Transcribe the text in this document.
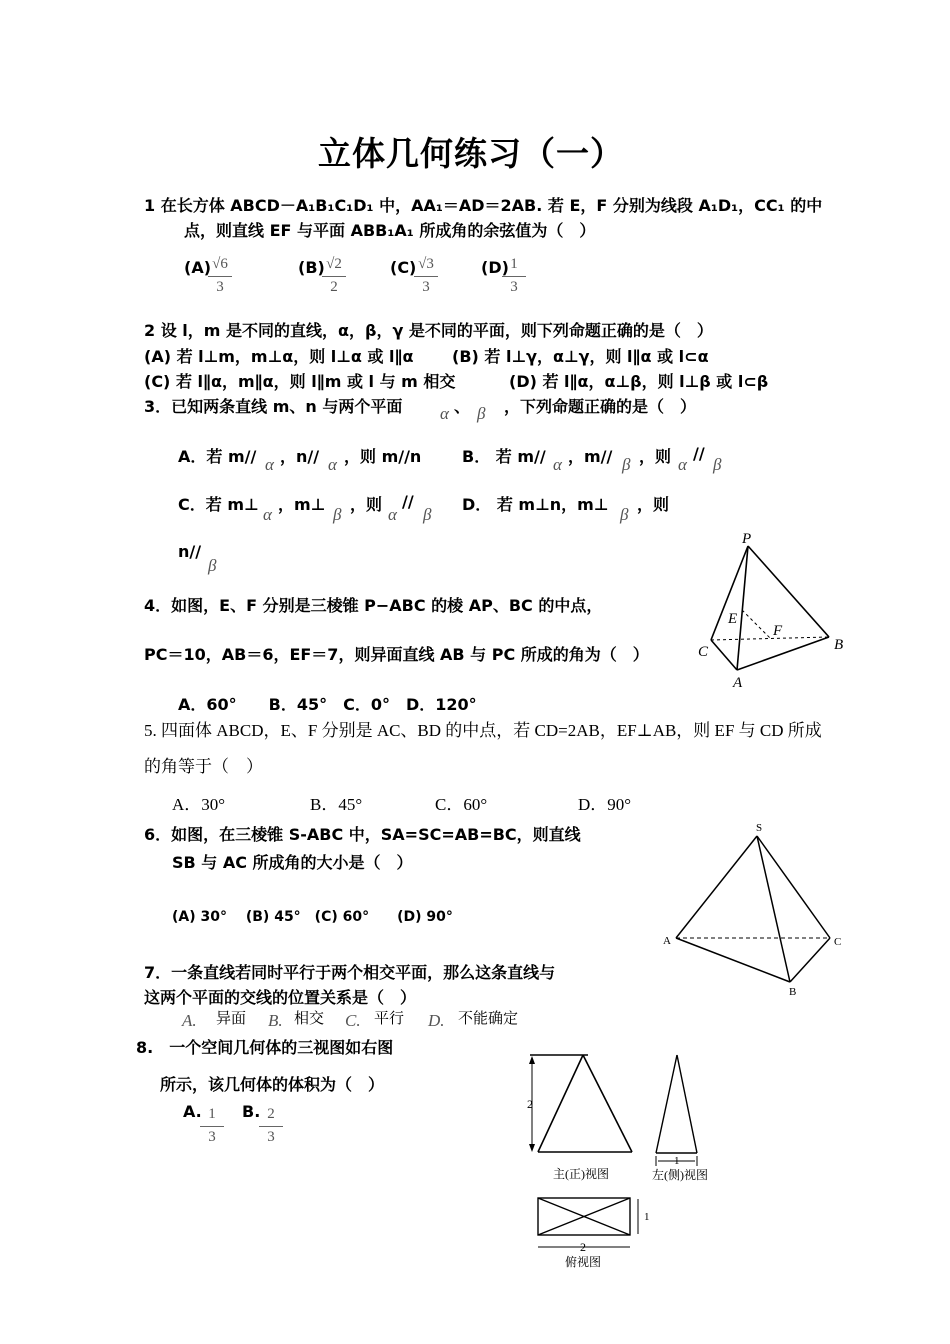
立体几何练习（一）
1 在长方体 ABCD－A₁B₁C₁D₁ 中，AA₁＝AD＝2AB. 若 E，F 分别为线段 A₁D₁，CC₁ 的中
点，则直线 EF 与平面 ABB₁A₁ 所成角的余弦值为（　）
(A) √6
3
(B) √2
2
(C) √3
3
(D) 1
3
2 设 l，m 是不同的直线，α，β，γ 是不同的平面，则下列命题正确的是（　）
(A) 若 l⊥m，m⊥α，则 l⊥α 或 l∥α (B) 若 l⊥γ，α⊥γ，则 l∥α 或 l⊂α
(C) 若 l∥α，m∥α，则 l∥m 或 l 与 m 相交	(D) 若 l∥α，α⊥β，则 l⊥β 或 l⊂β
3．已知两条直线 m、n 与两个平面 α 、 β ，下列命题正确的是（　）
A．若 m// α ，n// α ，则 m//n	B． 若 m// α ，m// β ，则 α
//
β
C．若 m⊥
α
，m⊥
β
，则
α
//
β
D． 若 m⊥n，m⊥
β
，则
n//
β
4．如图，E、F 分别是三棱锥 P−ABC 的棱 AP、BC 的中点，
PC＝10，AB＝6，EF＝7，则异面直线 AB 与 PC 所成的角为（　）
A．60°　　B．45°　C．0°　D．120°
P
E
F
B
C
A
5. 四面体 ABCD，E、F 分别是 AC、BD 的中点，若 CD=2AB，EF⊥AB，则 EF 与 CD 所成
的角等于（　）
A．30°	B．45°	C．60°	D．90°
6．如图，在三棱锥 S-ABC 中，SA=SC=AB=BC，则直线
SB 与 AC 所成角的大小是（　）
(A) 30°　 (B) 45°　(C) 60°　　(D) 90°
S
A	C
B
7．一条直线若同时平行于两个相交平面，那么这条直线与
这两个平面的交线的位置关系是（　）
A. 异面 B. 相交 C. 平行 D. 不能确定
8.　一个空间几何体的三视图如右图
所示，该几何体的体积为（　）
A. 1
3
B. 2
3
2
主(正)视图
1
左(侧)视图
1
2
俯视图
